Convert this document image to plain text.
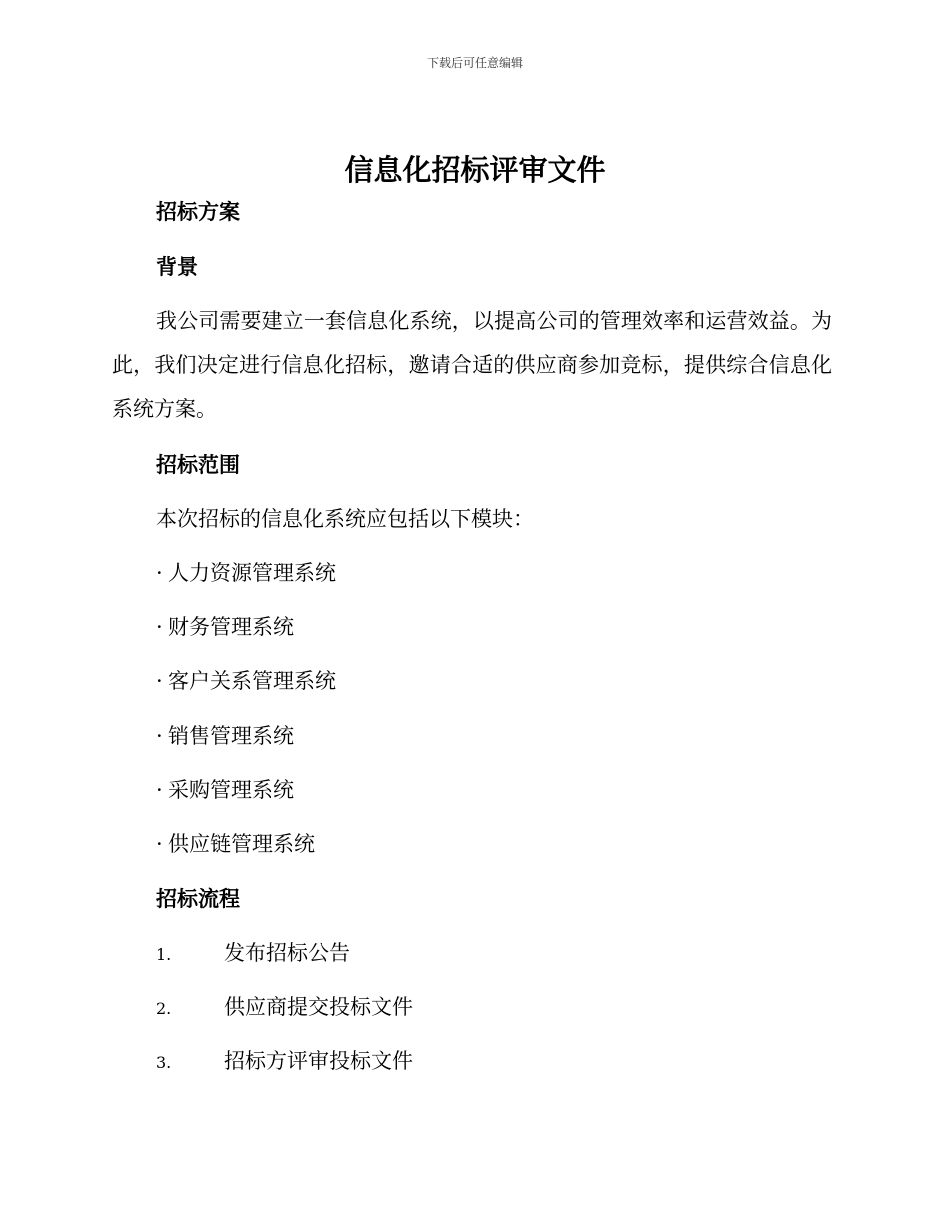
下载后可任意编辑
信息化招标评审文件
招标方案
背景

我公司需要建立一套信息化系统，以提高公司的管理效率和运营效益。为此，我们决定进行信息化招标，邀请合适的供应商参加竞标，提供综合信息化系统方案。

招标范围

本次招标的信息化系统应包括以下模块：

· 人力资源管理系统

· 财务管理系统

· 客户关系管理系统

· 销售管理系统

· 采购管理系统

· 供应链管理系统

招标流程

1.	发布招标公告

2.	供应商提交投标文件

3.	招标方评审投标文件
